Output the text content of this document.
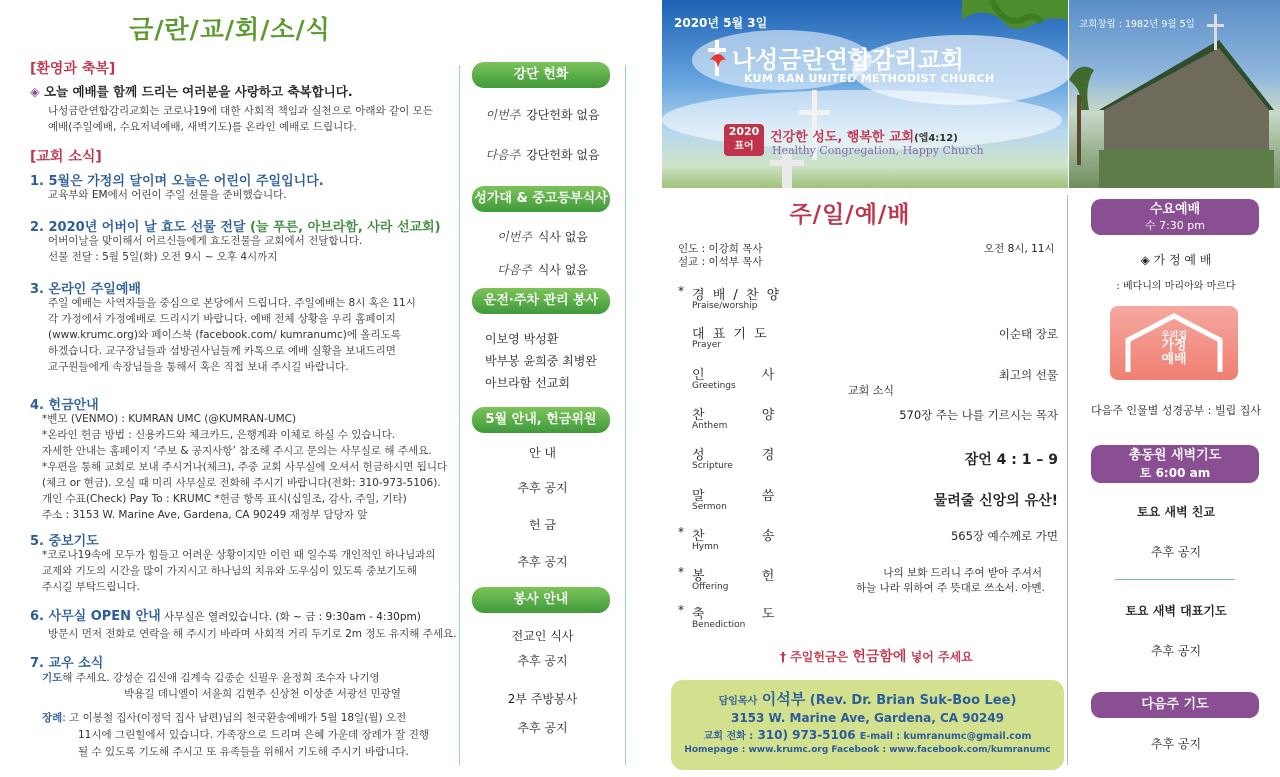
금/란/교/회/소/식
[환영과 축복]
◈ 오늘 예배를 함께 드리는 여러분을 사랑하고 축복합니다.
나성금란연합감리교회는 코로나19에 대한 사회적 책임과 실천으로 아래와 같이 모든
예배(주일예배, 수요저녁예배, 새벽기도)를 온라인 예배로 드립니다.
[교회 소식]
1. 5월은 가정의 달이며 오늘은 어린이 주일입니다.
교육부와 EM에서 어린이 주일 선물을 준비했습니다.
2. 2020년 어버이 날 효도 선물 전달 (늘 푸른, 아브라함, 사라 선교회)
어버이날을 맞이해서 어르신들에게 효도전물을 교회에서 전달합니다.
선물 전달 : 5월 5일(화) 오전 9시 ~ 오후 4시까지
3. 온라인 주일예배
주일 예배는 사역자들을 중심으로 본당에서 드립니다. 주일예배는 8시 혹은 11시
각 가정에서 가정예배로 드리시기 바랍니다. 예배 전체 상황을 우리 홈페이지
(www.krumc.org)와 페이스북 (facebook.com/ kumranumc)에 올리도록
하겠습니다. 교구장님들과 섬방권사님들께 카톡으로 예배 실황을 보내드리면
교구원들에게 속장님들을 통해서 혹은 직접 보내 주시길 바랍니다.
4. 헌금안내
*벤모 (VENMO) : KUMRAN UMC (@KUMRAN-UMC)
*온라인 헌금 방법 : 신용카드와 체크카드, 은행계좌 이체로 하실 수 있습니다.
자세한 안내는 홈페이지 ‘주보 & 공지사항’ 참조해 주시고 문의는 사무실로 해 주세요.
*우편을 통해 교회로 보내 주시거나(체크), 주중 교회 사무실에 오셔서 헌금하시면 됩니다
(체크 or 현금). 오실 때 미리 사무실로 전화해 주시기 바랍니다(전화: 310-973-5106).
개인 수표(Check) Pay To : KRUMC *헌금 항목 표시(십일조, 감사, 주일, 기타)
주소 : 3153 W. Marine Ave, Gardena, CA 90249 재정부 담당자 앞
5. 중보기도
*코로나19속에 모두가 힘들고 어려운 상황이지만 이런 때 일수록 개인적인 하나님과의
교제와 기도의 시간을 많이 가지시고 하나님의 치유와 도우심이 있도록 중보기도해
주시길 부탁드립니다.
6. 사무실 OPEN 안내 사무실은 열려있습니다. (화 ~ 금 : 9:30am - 4:30pm)
방문시 먼저 전화로 연락을 해 주시기 바라며 사회적 거리 두기로 2m 정도 유지해 주세요.
7. 교우 소식
기도해 주세요. 강성순 김신애 김계숙 김종순 신필우 윤정희 조수자 나기영
박용길 데니엘이 서윤희 김현주 신상천 이상준 서광선 민광열
장례: 고 이봉철 집사(이정덕 집사 남편)님의 천국환송예배가 5월 18일(월) 오전
11시에 그린힐에서 있습니다. 가족장으로 드리며 은혜 가운데 장례가 잘 진행
될 수 있도록 기도해 주시고 또 유족들을 위해서 기도해 주시기 바랍니다.
강단 헌화
이번주 강단헌화 없음
다음주 강단헌화 없음
성가대 & 중고등부식사
이번주 식사 없음
다음주 식사 없음
운전·주차 관리 봉사
이보영 박성환
박부봉 윤희중 최병완
아브라함 선교회
5월 안내, 헌금위원
안 내
추후 공지
헌 금
추후 공지
봉사 안내
전교인 식사
추후 공지
2부 주방봉사
추후 공지
2020년 5월 3일
나성금란연합감리교회
KUM RAN UNITED METHODIST CHURCH
2020
표어
건강한 성도, 행복한 교회(엡4:12)
Healthy Congregation, Happy Church
교회창립 : 1982년 9월 5일
주/일/예/배
인도 : 이강희 목사
설교 : 이석부 목사
오전 8시, 11시
* 경 배 / 찬 양
Praise/worship
대 표 기 도
Prayer
이순태 장로
인         사
Greetings
최고의 선물
찬         양
Anthem
570장 주는 나를 기르시는 목자
성         경
Scripture	잠언 4 : 1 – 9
말         씀
Sermon	물려줄 신앙의 유산!
* 찬         송
Hymn
565장 예수께로 가면
* 봉         헌
Offering
나의 보화 드리니 주여 받아 주셔서
* 축         도
Benediction
교회 소식
하늘 나라 위하여 주 뜻대로 쓰소서. 아멘.
† 주일헌금은 헌금함에 넣어 주세요
담임목사 이석부 (Rev. Dr. Brian Suk-Boo Lee)
3153 W. Marine Ave, Gardena, CA 90249
교회 전화 : 310) 973-5106 E-mail : kumranumc@gmail.com
Homepage : www.krumc.org Facebook : www.facebook.com/kumranumc
수요예배
수 7:30 pm
◈ 가 정 예 배
: 베다니의 마리아와 마르다
우리집
가정
예배
다음주 인물별 성경공부 : 빌립 집사
총동원 새벽기도
토 6:00 am
토요 새벽 친교
추후 공지
토요 새벽 대표기도
추후 공지
다음주 기도
추후 공지
